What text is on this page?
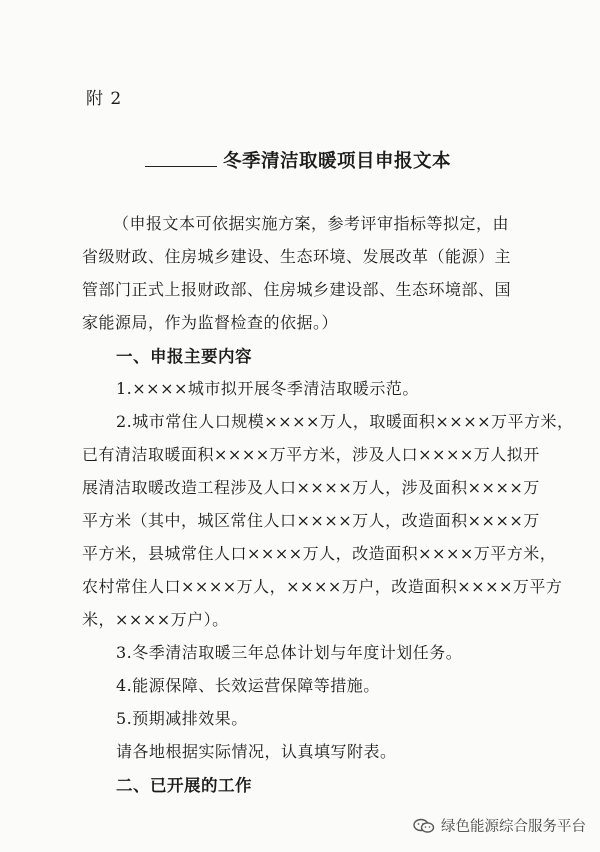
附 2
冬季清洁取暖项目申报文本
（申报文本可依据实施方案，参考评审指标等拟定，由
省级财政、住房城乡建设、生态环境、发展改革（能源）主
管部门正式上报财政部、住房城乡建设部、生态环境部、国
家能源局，作为监督检查的依据。）
一、申报主要内容
1.××××城市拟开展冬季清洁取暖示范。
2.城市常住人口规模××××万人，取暖面积××××万平方米，
已有清洁取暖面积××××万平方米，涉及人口××××万人拟开
展清洁取暖改造工程涉及人口××××万人，涉及面积××××万
平方米（其中，城区常住人口××××万人，改造面积××××万
平方米，县城常住人口××××万人，改造面积××××万平方米，
农村常住人口××××万人，××××万户，改造面积××××万平方
米，××××万户）。
3.冬季清洁取暖三年总体计划与年度计划任务。
4.能源保障、长效运营保障等措施。
5.预期减排效果。
请各地根据实际情况，认真填写附表。
二、已开展的工作
绿色能源综合服务平台
